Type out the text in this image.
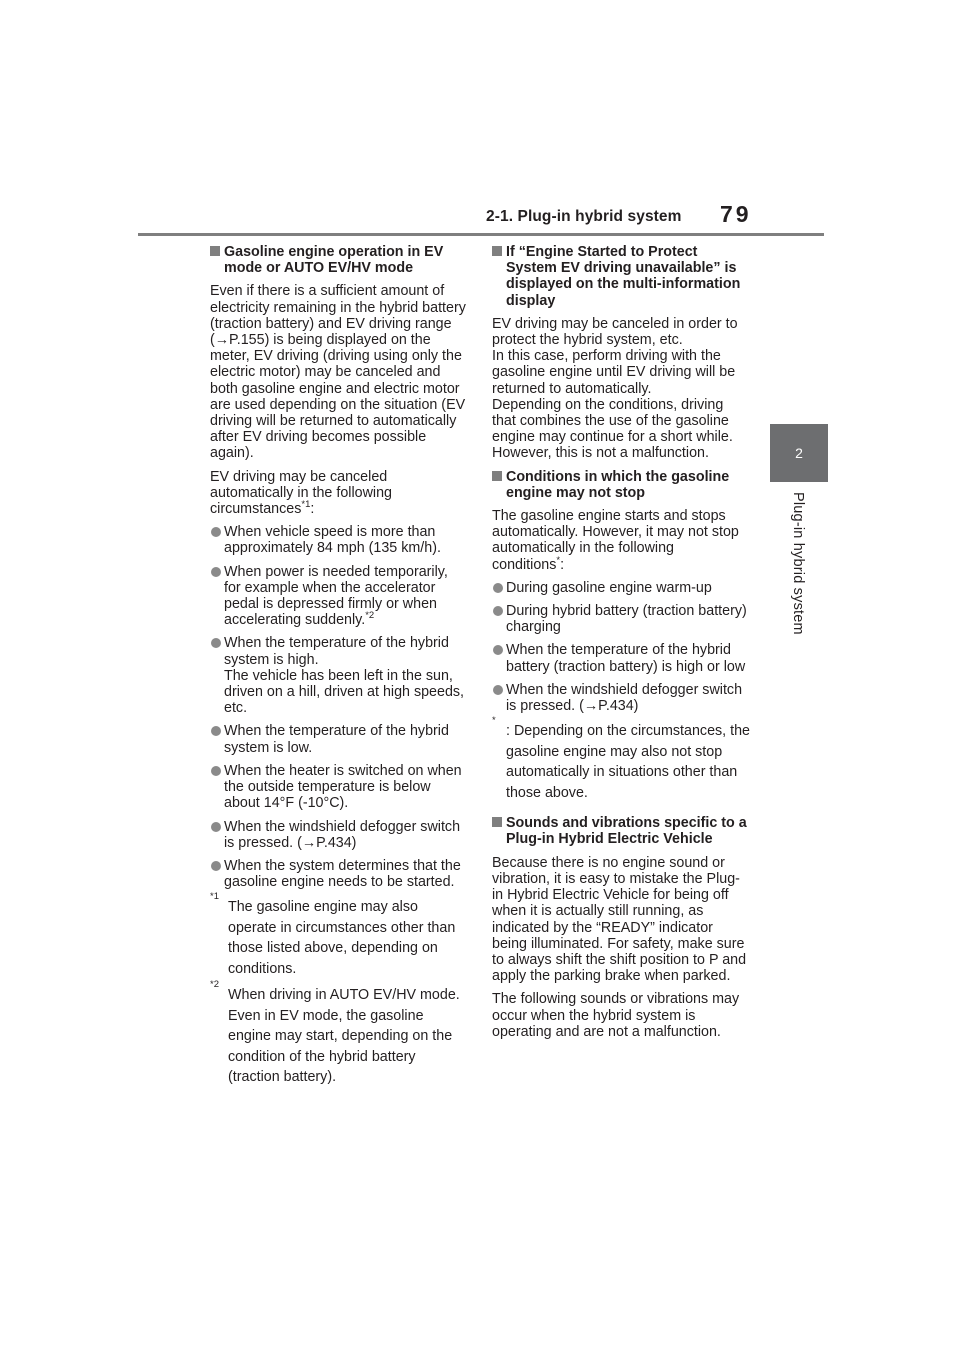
2-1. Plug-in hybrid system	79
2
Plug-in hybrid system
Gasoline engine operation in EV mode or AUTO EV/HV mode

Even if there is a sufficient amount of electricity remaining in the hybrid battery (traction battery) and EV driving range (→P.155) is being displayed on the meter, EV driving (driving using only the electric motor) may be canceled and both gasoline engine and electric motor are used depending on the situation (EV driving will be returned to automatically after EV driving becomes possible again).

EV driving may be canceled automatically in the following circumstances$^{*1}$:

When vehicle speed is more than approximately 84 mph (135 km/h).
When power is needed temporarily, for example when the accelerator pedal is depressed firmly or when accelerating suddenly.$^{*2}$
When the temperature of the hybrid system is high.
The vehicle has been left in the sun, driven on a hill, driven at high speeds, etc.
When the temperature of the hybrid system is low.
When the heater is switched on when the outside temperature is below about 14°F (-10°C).
When the windshield defogger switch is pressed. (→P.434)
When the system determines that the gasoline engine needs to be started.
*1
The gasoline engine may also operate in circumstances other than those listed above, depending on conditions.
*2
When driving in AUTO EV/HV mode. Even in EV mode, the gasoline engine may start, depending on the condition of the hybrid battery (traction battery).
If “Engine Started to Protect System EV driving unavailable” is displayed on the multi-information display

EV driving may be canceled in order to protect the hybrid system, etc.

In this case, perform driving with the gasoline engine until EV driving will be returned to automatically.

Depending on the conditions, driving that combines the use of the gasoline engine may continue for a short while. However, this is not a malfunction.

Conditions in which the gasoline engine may not stop

The gasoline engine starts and stops automatically. However, it may not stop automatically in the following conditions*:

During gasoline engine warm-up
During hybrid battery (traction battery) charging
When the temperature of the hybrid battery (traction battery) is high or low
When the windshield defogger switch is pressed. (→P.434)
*
: Depending on the circumstances, the gasoline engine may also not stop automatically in situations other than those above.
Sounds and vibrations specific to a Plug-in Hybrid Electric Vehicle

Because there is no engine sound or vibration, it is easy to mistake the Plug-in Hybrid Electric Vehicle for being off when it is actually still running, as indicated by the “READY” indicator being illuminated. For safety, make sure to always shift the shift position to P and apply the parking brake when parked.

The following sounds or vibrations may occur when the hybrid system is operating and are not a malfunction.
